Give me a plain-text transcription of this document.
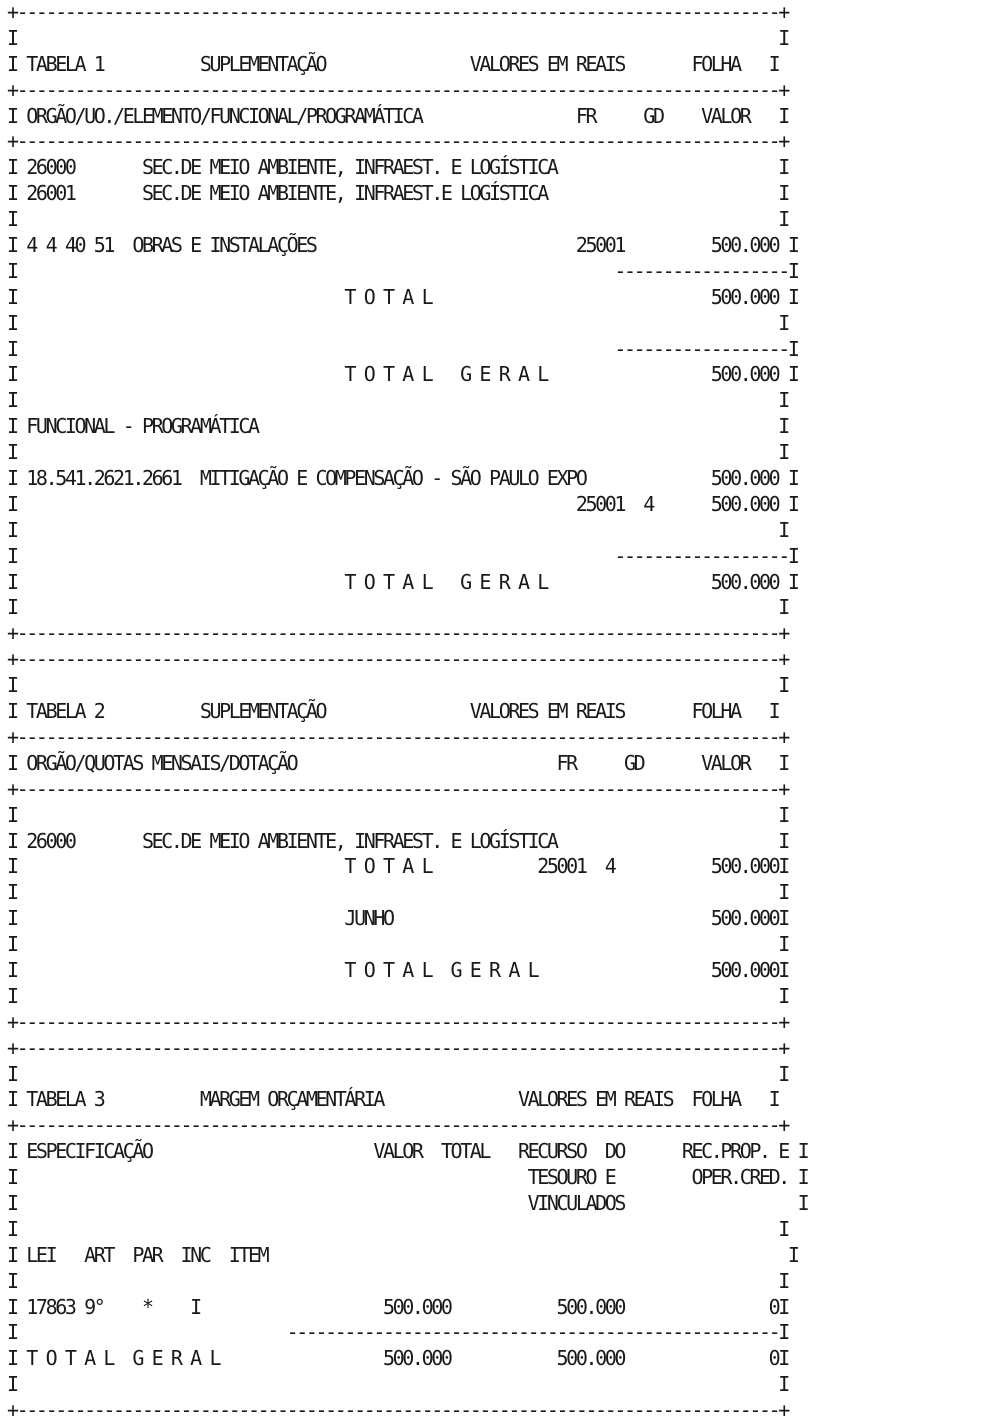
+-------------------------------------------------------------------------------+
I                                                                               I
I TABELA 1          SUPLEMENTAÇÃO               VALORES EM REAIS       FOLHA   I
+-------------------------------------------------------------------------------+
I ORGÃO/UO./ELEMENTO/FUNCIONAL/PROGRAMÁTICA                FR     GD    VALOR   I
+-------------------------------------------------------------------------------+
I 26000       SEC.DE MEIO AMBIENTE, INFRAEST. E LOGÍSTICA                       I
I 26001       SEC.DE MEIO AMBIENTE, INFRAEST.E LOGÍSTICA                        I
I                                                                               I
I 4 4 40 51  OBRAS E INSTALAÇÕES                           25001         500.000 I
I                                                              ------------------I
I                                  T O T A L                             500.000 I
I                                                                               I
I                                                              ------------------I
I                                  T O T A L   G E R A L                 500.000 I
I                                                                               I
I FUNCIONAL - PROGRAMÁTICA                                                      I
I                                                                               I
I 18.541.2621.2661  MITIGAÇÃO E COMPENSAÇÃO - SÃO PAULO EXPO             500.000 I
I                                                          25001  4      500.000 I
I                                                                               I
I                                                              ------------------I
I                                  T O T A L   G E R A L                 500.000 I
I                                                                               I
+-------------------------------------------------------------------------------+
+-------------------------------------------------------------------------------+
I                                                                               I
I TABELA 2          SUPLEMENTAÇÃO               VALORES EM REAIS       FOLHA   I
+-------------------------------------------------------------------------------+
I ORGÃO/QUOTAS MENSAIS/DOTAÇÃO                           FR     GD      VALOR   I
+-------------------------------------------------------------------------------+
I                                                                               I
I 26000       SEC.DE MEIO AMBIENTE, INFRAEST. E LOGÍSTICA                       I
I                                  T O T A L           25001  4          500.000I
I                                                                               I
I                                  JUNHO                                 500.000I
I                                                                               I
I                                  T O T A L  G E R A L                  500.000I
I                                                                               I
+-------------------------------------------------------------------------------+
+-------------------------------------------------------------------------------+
I                                                                               I
I TABELA 3          MARGEM ORÇAMENTÁRIA              VALORES EM REAIS  FOLHA   I
+-------------------------------------------------------------------------------+
I ESPECIFICAÇÃO                       VALOR  TOTAL   RECURSO  DO      REC.PROP. E I
I                                                     TESOURO E        OPER.CRED. I
I                                                     VINCULADOS                  I
I                                                                               I
I LEI   ART  PAR  INC  ITEM                                                      I
I                                                                               I
I 17863 9°    *    I                   500.000           500.000               0I
I                            ---------------------------------------------------I
I T O T A L  G E R A L                 500.000           500.000               0I
I                                                                               I
+-------------------------------------------------------------------------------+
